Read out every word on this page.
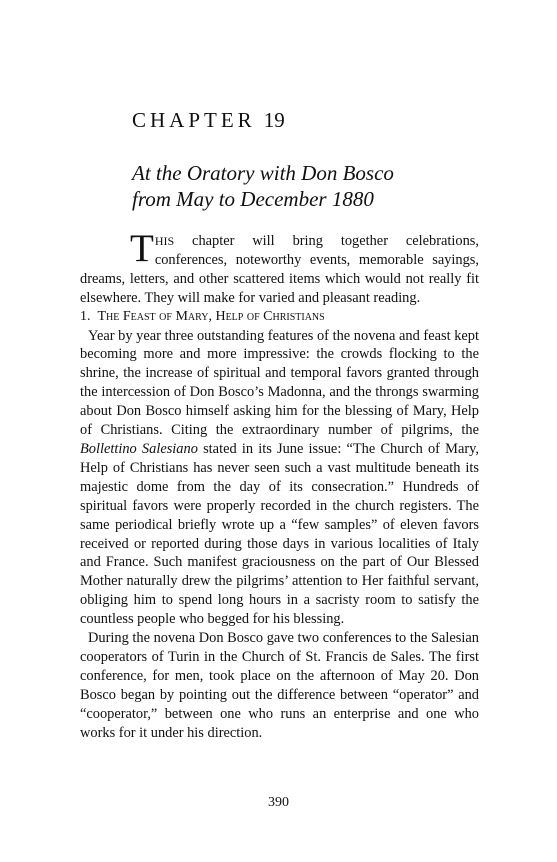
CHAPTER 19
At the Oratory with Don Bosco
from May to December 1880

THIS chapter will bring together celebrations, conferences, noteworthy events, memorable sayings, dreams, letters, and other scattered items which would not really fit elsewhere. They will make for varied and pleasant reading.

1. The Feast of Mary, Help of Christians

Year by year three outstanding features of the novena and feast kept becoming more and more impressive: the crowds flocking to the shrine, the increase of spiritual and temporal favors granted through the intercession of Don Bosco’s Madonna, and the throngs swarming about Don Bosco himself asking him for the blessing of Mary, Help of Christians. Citing the extraordinary number of pilgrims, the Bollettino Salesiano stated in its June issue: “The Church of Mary, Help of Christians has never seen such a vast multitude beneath its majestic dome from the day of its consecration.” Hundreds of spiritual favors were properly recorded in the church registers. The same periodical briefly wrote up a “few samples” of eleven favors received or reported during those days in various localities of Italy and France. Such manifest graciousness on the part of Our Blessed Mother naturally drew the pilgrims’ attention to Her faithful servant, obliging him to spend long hours in a sacristy room to satisfy the countless people who begged for his blessing.

During the novena Don Bosco gave two conferences to the Salesian cooperators of Turin in the Church of St. Francis de Sales. The first conference, for men, took place on the afternoon of May 20. Don Bosco began by pointing out the difference between “operator” and “cooperator,” between one who runs an enterprise and one who works for it under his direction.

390
